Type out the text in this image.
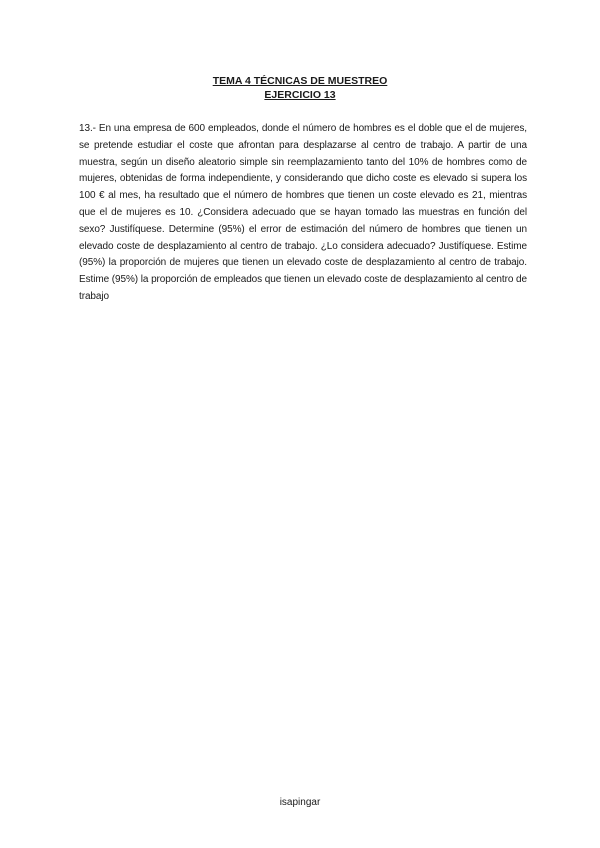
TEMA 4 TÉCNICAS DE MUESTREO
EJERCICIO 13
13.- En una empresa de 600 empleados, donde el número de hombres es el doble que el de mujeres, se pretende estudiar el coste que afrontan para desplazarse al centro de trabajo. A partir de una muestra, según un diseño aleatorio simple sin reemplazamiento tanto del 10% de hombres como de mujeres, obtenidas de forma independiente, y considerando que dicho coste es elevado si supera los 100 € al mes, ha resultado que el número de hombres que tienen un coste elevado es 21, mientras que el de mujeres es 10. ¿Considera adecuado que se hayan tomado las muestras en función del sexo? Justifíquese. Determine (95%) el error de estimación del número de hombres que tienen un elevado coste de desplazamiento al centro de trabajo. ¿Lo considera adecuado? Justifíquese. Estime (95%) la proporción de mujeres que tienen un elevado coste de desplazamiento al centro de trabajo. Estime (95%) la proporción de empleados que tienen un elevado coste de desplazamiento al centro de trabajo
isapingar
